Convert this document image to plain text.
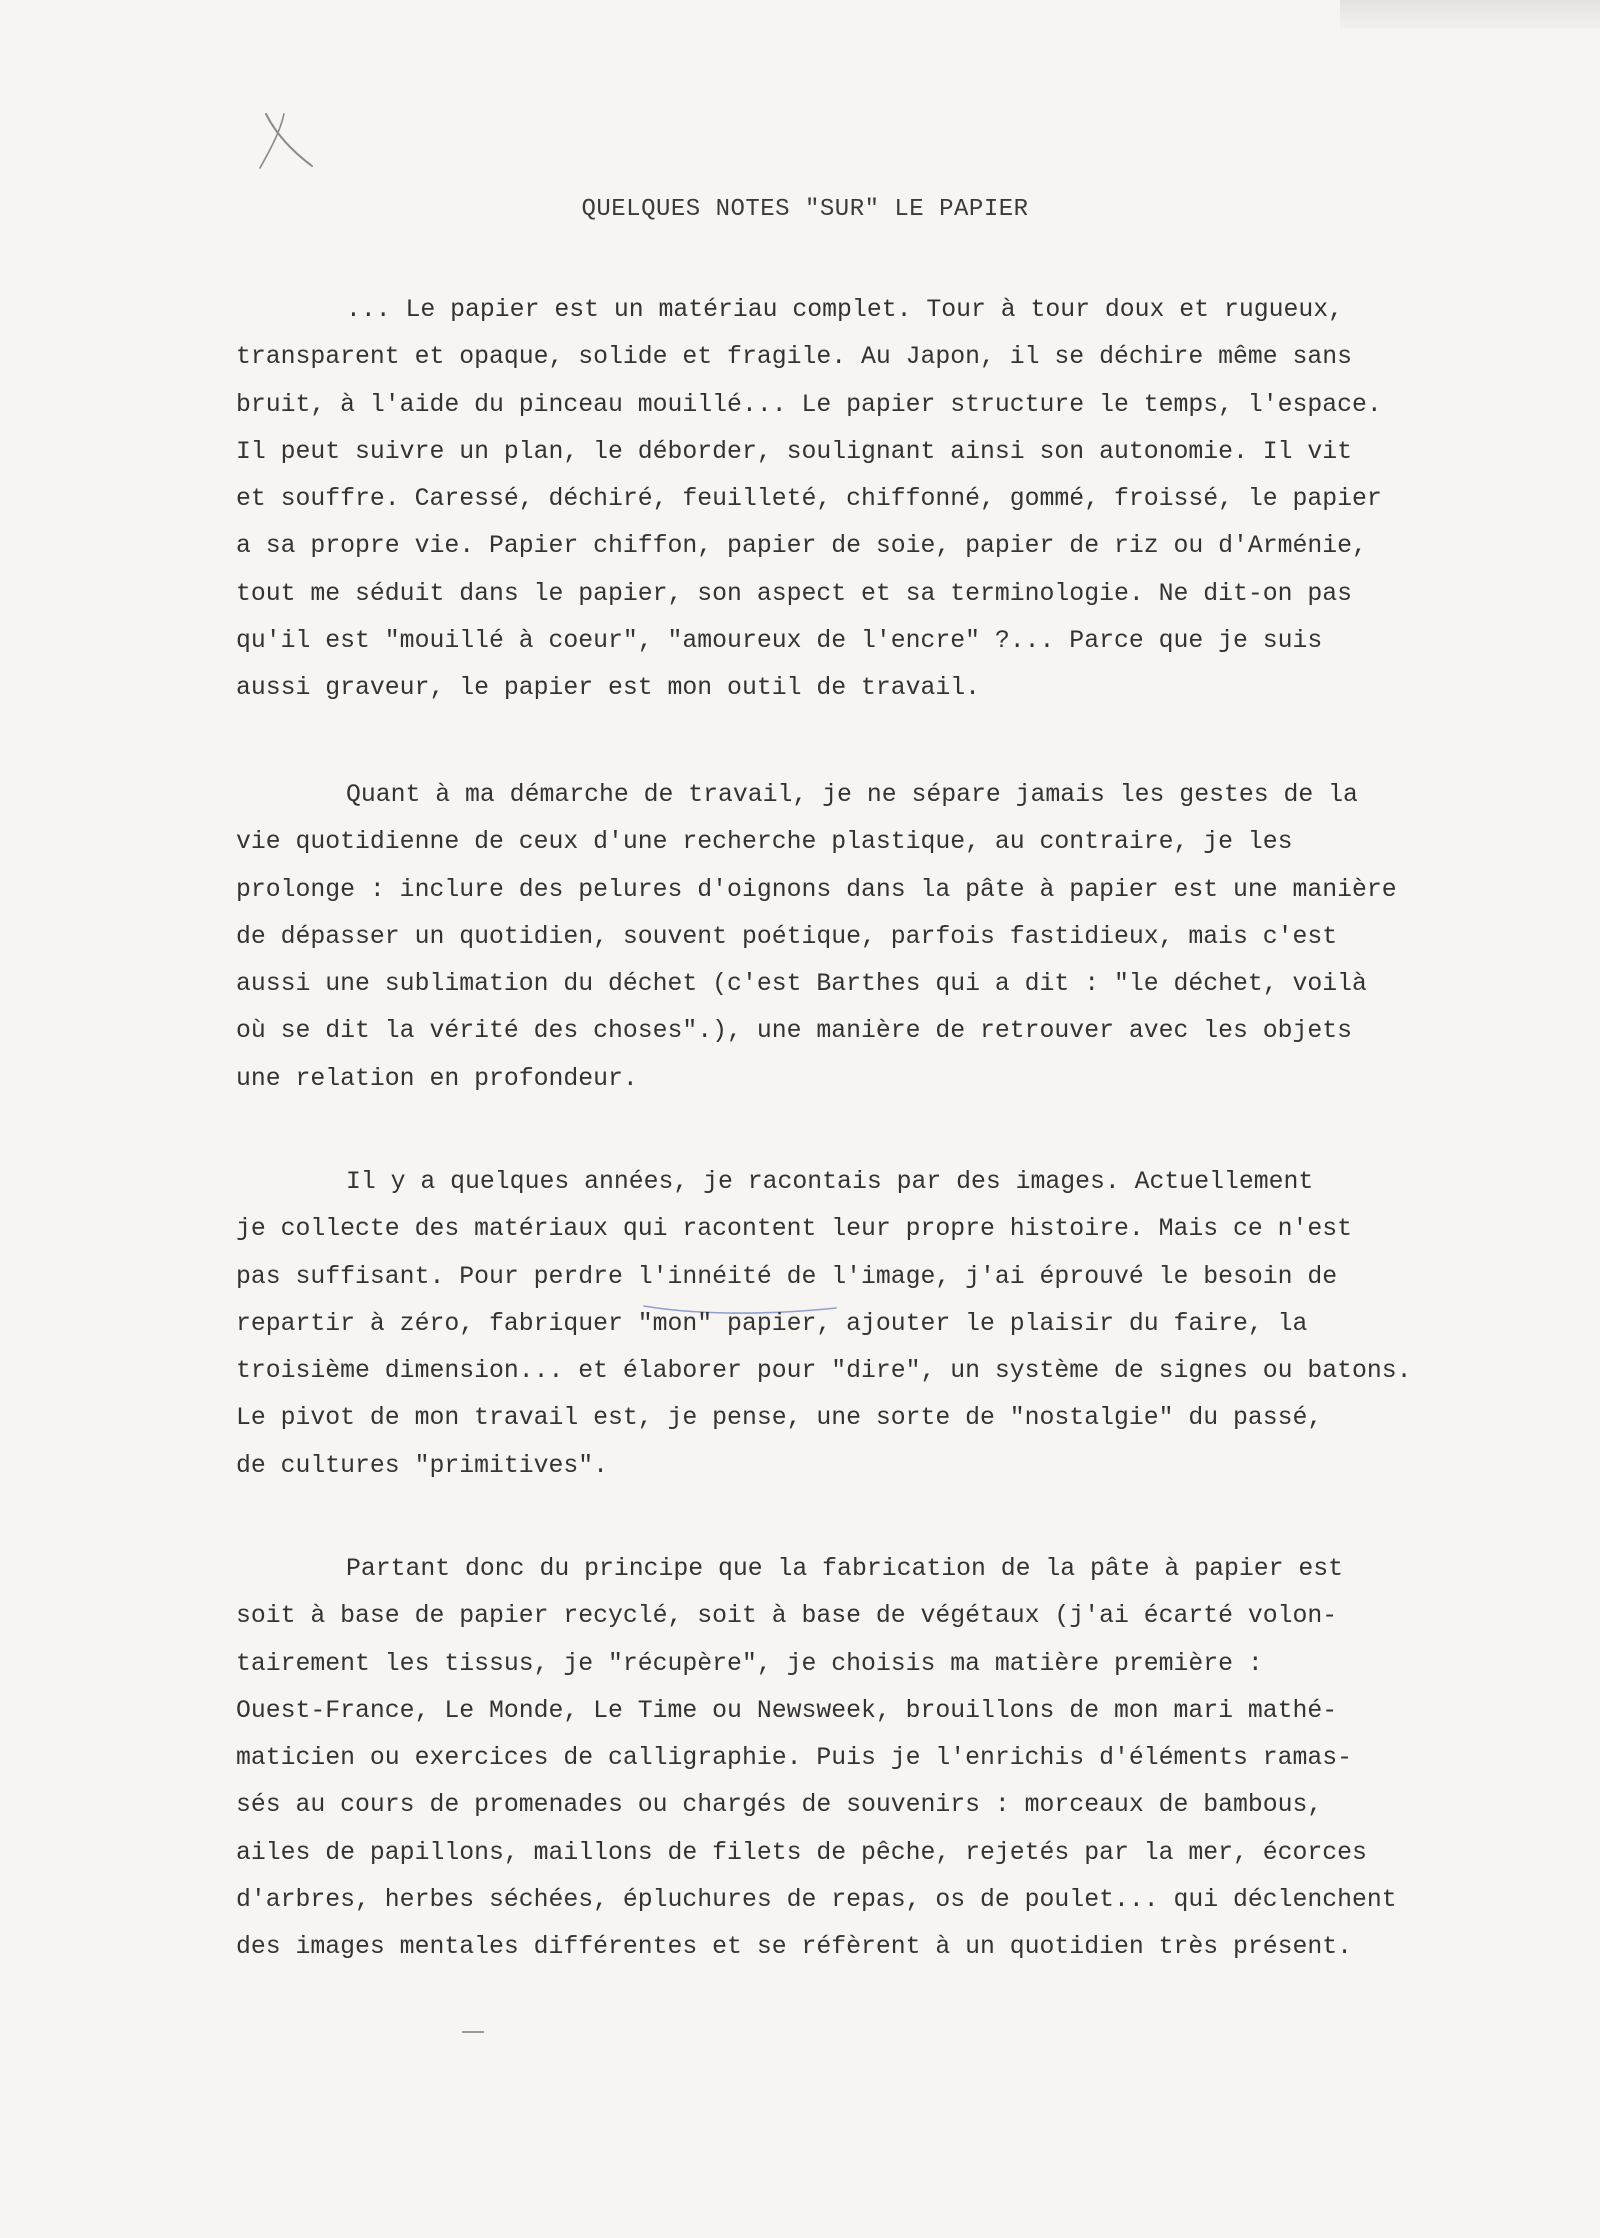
QUELQUES NOTES "SUR" LE PAPIER
... Le papier est un matériau complet. Tour à tour doux et rugueux,
transparent et opaque, solide et fragile. Au Japon, il se déchire même sans
bruit, à l'aide du pinceau mouillé... Le papier structure le temps, l'espace.
Il peut suivre un plan, le déborder, soulignant ainsi son autonomie. Il vit
et souffre. Caressé, déchiré, feuilleté, chiffonné, gommé, froissé, le papier
a sa propre vie. Papier chiffon, papier de soie, papier de riz ou d'Arménie,
tout me séduit dans le papier, son aspect et sa terminologie. Ne dit-on pas
qu'il est "mouillé à coeur", "amoureux de l'encre" ?... Parce que je suis
aussi graveur, le papier est mon outil de travail.
Quant à ma démarche de travail, je ne sépare jamais les gestes de la
vie quotidienne de ceux d'une recherche plastique, au contraire, je les
prolonge : inclure des pelures d'oignons dans la pâte à papier est une manière
de dépasser un quotidien, souvent poétique, parfois fastidieux, mais c'est
aussi une sublimation du déchet (c'est Barthes qui a dit : "le déchet, voilà
où se dit la vérité des choses".), une manière de retrouver avec les objets
une relation en profondeur.
Il y a quelques années, je racontais par des images. Actuellement
je collecte des matériaux qui racontent leur propre histoire. Mais ce n'est
pas suffisant. Pour perdre l'innéité de l'image, j'ai éprouvé le besoin de
repartir à zéro, fabriquer "mon" papier, ajouter le plaisir du faire, la
troisième dimension... et élaborer pour "dire", un système de signes ou batons.
Le pivot de mon travail est, je pense, une sorte de "nostalgie" du passé,
de cultures "primitives".
Partant donc du principe que la fabrication de la pâte à papier est
soit à base de papier recyclé, soit à base de végétaux (j'ai écarté volon-
tairement les tissus, je "récupère", je choisis ma matière première :
Ouest-France, Le Monde, Le Time ou Newsweek, brouillons de mon mari mathé-
maticien ou exercices de calligraphie. Puis je l'enrichis d'éléments ramas-
sés au cours de promenades ou chargés de souvenirs : morceaux de bambous,
ailes de papillons, maillons de filets de pêche, rejetés par la mer, écorces
d'arbres, herbes séchées, épluchures de repas, os de poulet... qui déclenchent
des images mentales différentes et se réfèrent à un quotidien très présent.
